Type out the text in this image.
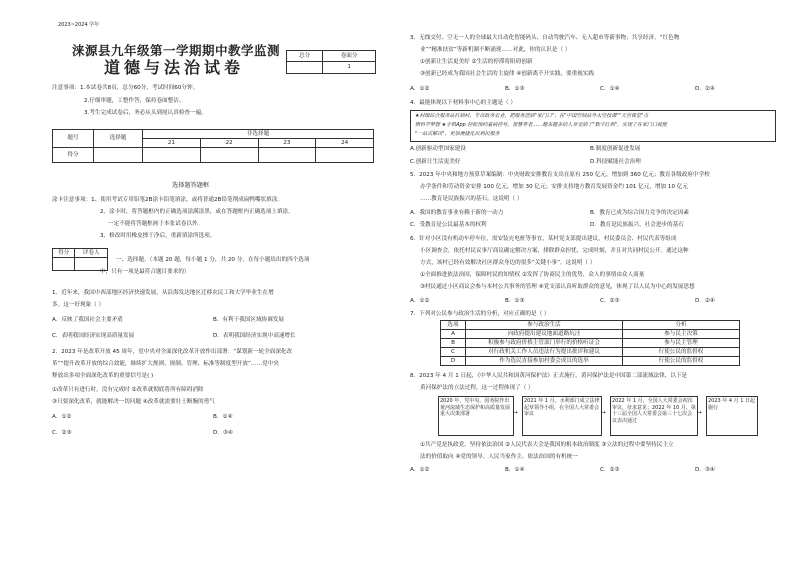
2023~2024 学年
涞源县九年级第一学期期中教学监测
道德与法治试卷
总分	卷面分
	1
注意事项：1.本试卷共8页，总分60分，考试时间60分钟。
2.仔细审题，工整作答，保持卷面整洁。
3.考生完成试卷后，务必从头到尾认真检查一遍。
题号	选择题	非选择题			
		21	22	23	24
得分					
选择题答题框
涂卡注意事项：1、使用考试专用铅笔2B涂卡铅笔填涂，或将普通2B铅笔削成扁鸭嘴状填涂。
2、涂卡时，将答题框内的正确选项涂满涂黑，或在答题框内正确选项上填涂。
一定不能将答题框画于本张试卷以外。
3、修改时用橡皮擦干净后，重新填涂所选项。
得分	评卷人

一、选择题。（本题 20 题，每小题 1 分，共 20 分。在每小题给出的四个选项
中，只有一项是最符合题目要求的）
1．近年来，我国中西部地区经济快速发展，从沿海发达地区迁移农民工和大学毕业生在增
多。这一好现象（ ）
A．反映了我国社会主要矛盾	B．有利于我国区域协调发展
C．表明我国经济实现高质量发展	D．表明我国经济实现中高速增长
2．2023 年是改革开放 45 周年，党中央对全面深化改革开放作出部署：“谋划新一轮全面深化改
革”“提升改革开放的综合效能，继续扩大规则、规制、管理、标准等制度型开放”……党中央
释放出多项全面深化改革的重要信号是( )
①改革只有进行时，没有完成时 ②改革就彻底将所有障碍消除
③只要深化改革，就能解决一切问题 ④改革就需要壮士断腕的勇气
A．①②	B．①④
C．②③	D．③④
3．无线交付、空无一人的全球最大自动化智能码头、自动驾驶汽车、无人超市等新事物；共享经济、“红色物
业”“精准扶贫”等新机制不断涌现……对此，你的认识是（ ）
①创新让生活更美好 ②生活的停滞将阻碍创新
③创新已经成为我国社会生活的主旋律 ④创新离不开实践，要重视实践
A．①②	B．①③	C．①④	D．②④
4．最能体现以下材料事中心的主题是（ ）
★村级综合服务站打到村、专设政务农业，把服务送到"家门口"；在"中国空间站外太空授课""天宫课堂"点
燃科学梦想 ★手机App 轻松预约看病挂号，智慧养老……越来越多的人享受到了"数字红利"，实现了在家门口就能
"一站式解决"，更加便捷化民利民服务
A.创新驱动型国家建设	B.制度创新促进发展
C.创新让生活更美好	D.科技赋能社会治理
5．2023 年中央和地方预算草案编制：中央财政安排教育支出在原有 250 亿元，增加到 360 亿元；教育各级政府中学校
办学条件和劳动资金安排 100 亿元，增加 30 亿元；安排支持地方教育发展资金约 101 亿元，增加 10 亿元
……教育是民族振兴的基石，这说明（ ）
A．我国的教育事业有赖于新的一动力	B．教育已成为综合国力竞争的决定因素
C．受教育是公民最基本的权利	D．教育是民族振兴、社会进步的基石
6．针对小区没有机动车停车位，需安装充电桩等事宜，某村党支部提出建议，村民委员会、村民代表等组成
小区调查会，依托村民议事厅商议确定解决方案，排除群众担忧，完成时刻，并且对共同村民公开。通过这种
方式，该村已经有效解决社区群众身边的很多“关键小事”。这说明（ ）
①全面推进依法治国，保障村民的知情权 ②发挥了协商民主的优势，众人的事情由众人商量
③村民通过小区商议会参与本村公共事务的管理 ④党支部认真听取群众的意见，体现了以人民为中心的发展思想
A．①②	B．①③	C．②③	D．②④
7．下列对公民参与政治生活的分析，对应正确的是（ ）
选项	参与政治生活	分析
A	向政府提出建议地面道路坑洼	参与民主决策
B	积极参与政府价格主管部门举行的价格听证会	参与民主管理
C	对行政机关工作人员违法行为提出批评和建议	行使公民的监督权
D	作为选民直接参加村委会成员的选举	行使公民的监督权
8．2023 年 4 月 1 日起，《中华人民共和国黄河保护法》正式施行。黄河保护法是中国第二部流域法律，以下是
黄河保护法的立法过程，这一过程体现了（ ）
2020 年，党中央、国务院作出黄河流域生态保护和高质量发展重大决策部署	→
2021 年 1 月，水利部门成立法律起草领导小组，在全国人大常委会审议	→
2022 年 1 月，全国人大常委会初次审议，征求意见；2022 年 10 月，第十三届全国人大常委会第三十七次会议表决通过
→
2023 年 4 月 1 日起施行
①共产党是执政党，坚持依法治国 ②人民代表大会是我国的根本政治制度 ③立法的过程中要坚持民主立
法的价值取向 ④党的领导、人民当家作主、依法治国的有机统一
A．①②	B．①④	C．②③	D．③④
